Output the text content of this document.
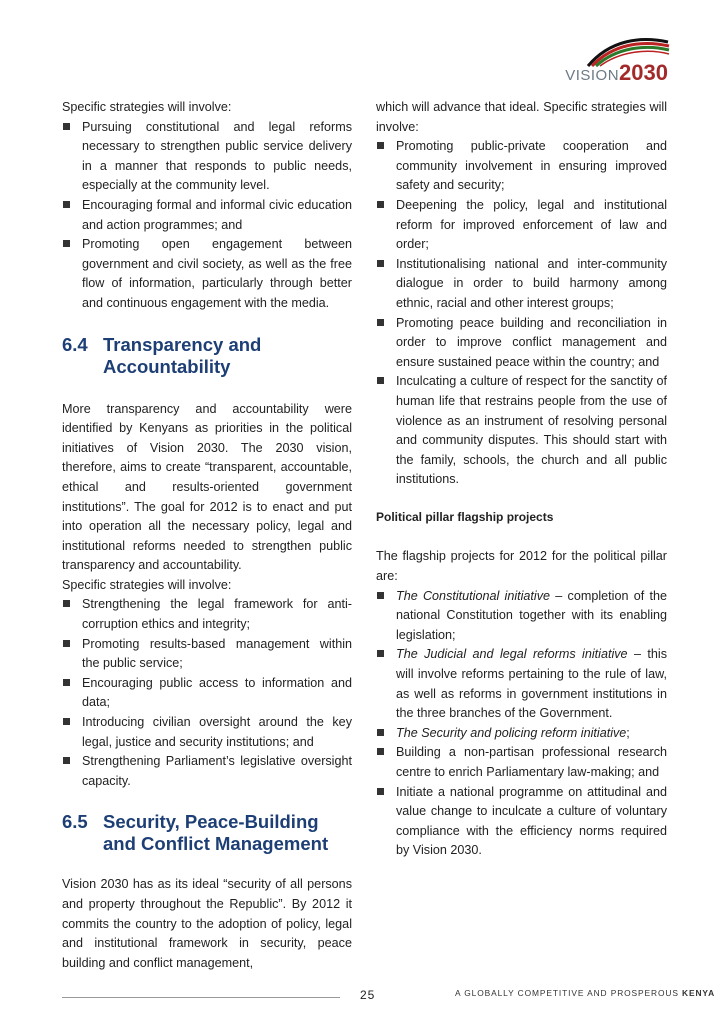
VISION2030

Specific strategies will involve:

Pursuing constitutional and legal reforms necessary to strengthen public service delivery in a manner that responds to public needs, especially at the community level.
Encouraging formal and informal civic education and action programmes; and
Promoting open engagement between government and civil society, as well as the free flow of information, particularly through better and continuous engagement with the media.
6.4 Transparency and Accountability

More transparency and accountability were identified by Kenyans as priorities in the political initiatives of Vision 2030. The 2030 vision, therefore, aims to create “transparent, accountable, ethical and results-oriented government institutions”. The goal for 2012 is to enact and put into operation all the necessary policy, legal and institutional reforms needed to strengthen public transparency and accountability.

Specific strategies will involve:

Strengthening the legal framework for anti-corruption ethics and integrity;
Promoting results-based management within the public service;
Encouraging public access to information and data;
Introducing civilian oversight around the key legal, justice and security institutions; and
Strengthening Parliament’s legislative oversight capacity.
6.5 Security, Peace-Building and Conflict Management

Vision 2030 has as its ideal “security of all persons and property throughout the Republic”. By 2012 it commits the country to the adoption of policy, legal and institutional framework in security, peace building and conflict management,

which will advance that ideal. Specific strategies will involve:

Promoting public-private cooperation and community involvement in ensuring improved safety and security;
Deepening the policy, legal and institutional reform for improved enforcement of law and order;
Institutionalising national and inter-community dialogue in order to build harmony among ethnic, racial and other interest groups;
Promoting peace building and reconciliation in order to improve conflict management and ensure sustained peace within the country; and
Inculcating a culture of respect for the sanctity of human life that restrains people from the use of violence as an instrument of resolving personal and community disputes. This should start with the family, schools, the church and all public institutions.

Political pillar flagship projects

The flagship projects for 2012 for the political pillar are:

The Constitutional initiative – completion of the national Constitution together with its enabling legislation;
The Judicial and legal reforms initiative – this will involve reforms pertaining to the rule of law, as well as reforms in government institutions in the three branches of the Government.
The Security and policing reform initiative;
Building a non-partisan professional research centre to enrich Parliamentary law-making; and
Initiate a national programme on attitudinal and value change to inculcate a culture of voluntary compliance with the efficiency norms required by Vision 2030.
25	A GLOBALLY COMPETITIVE AND PROSPEROUS KENYA
